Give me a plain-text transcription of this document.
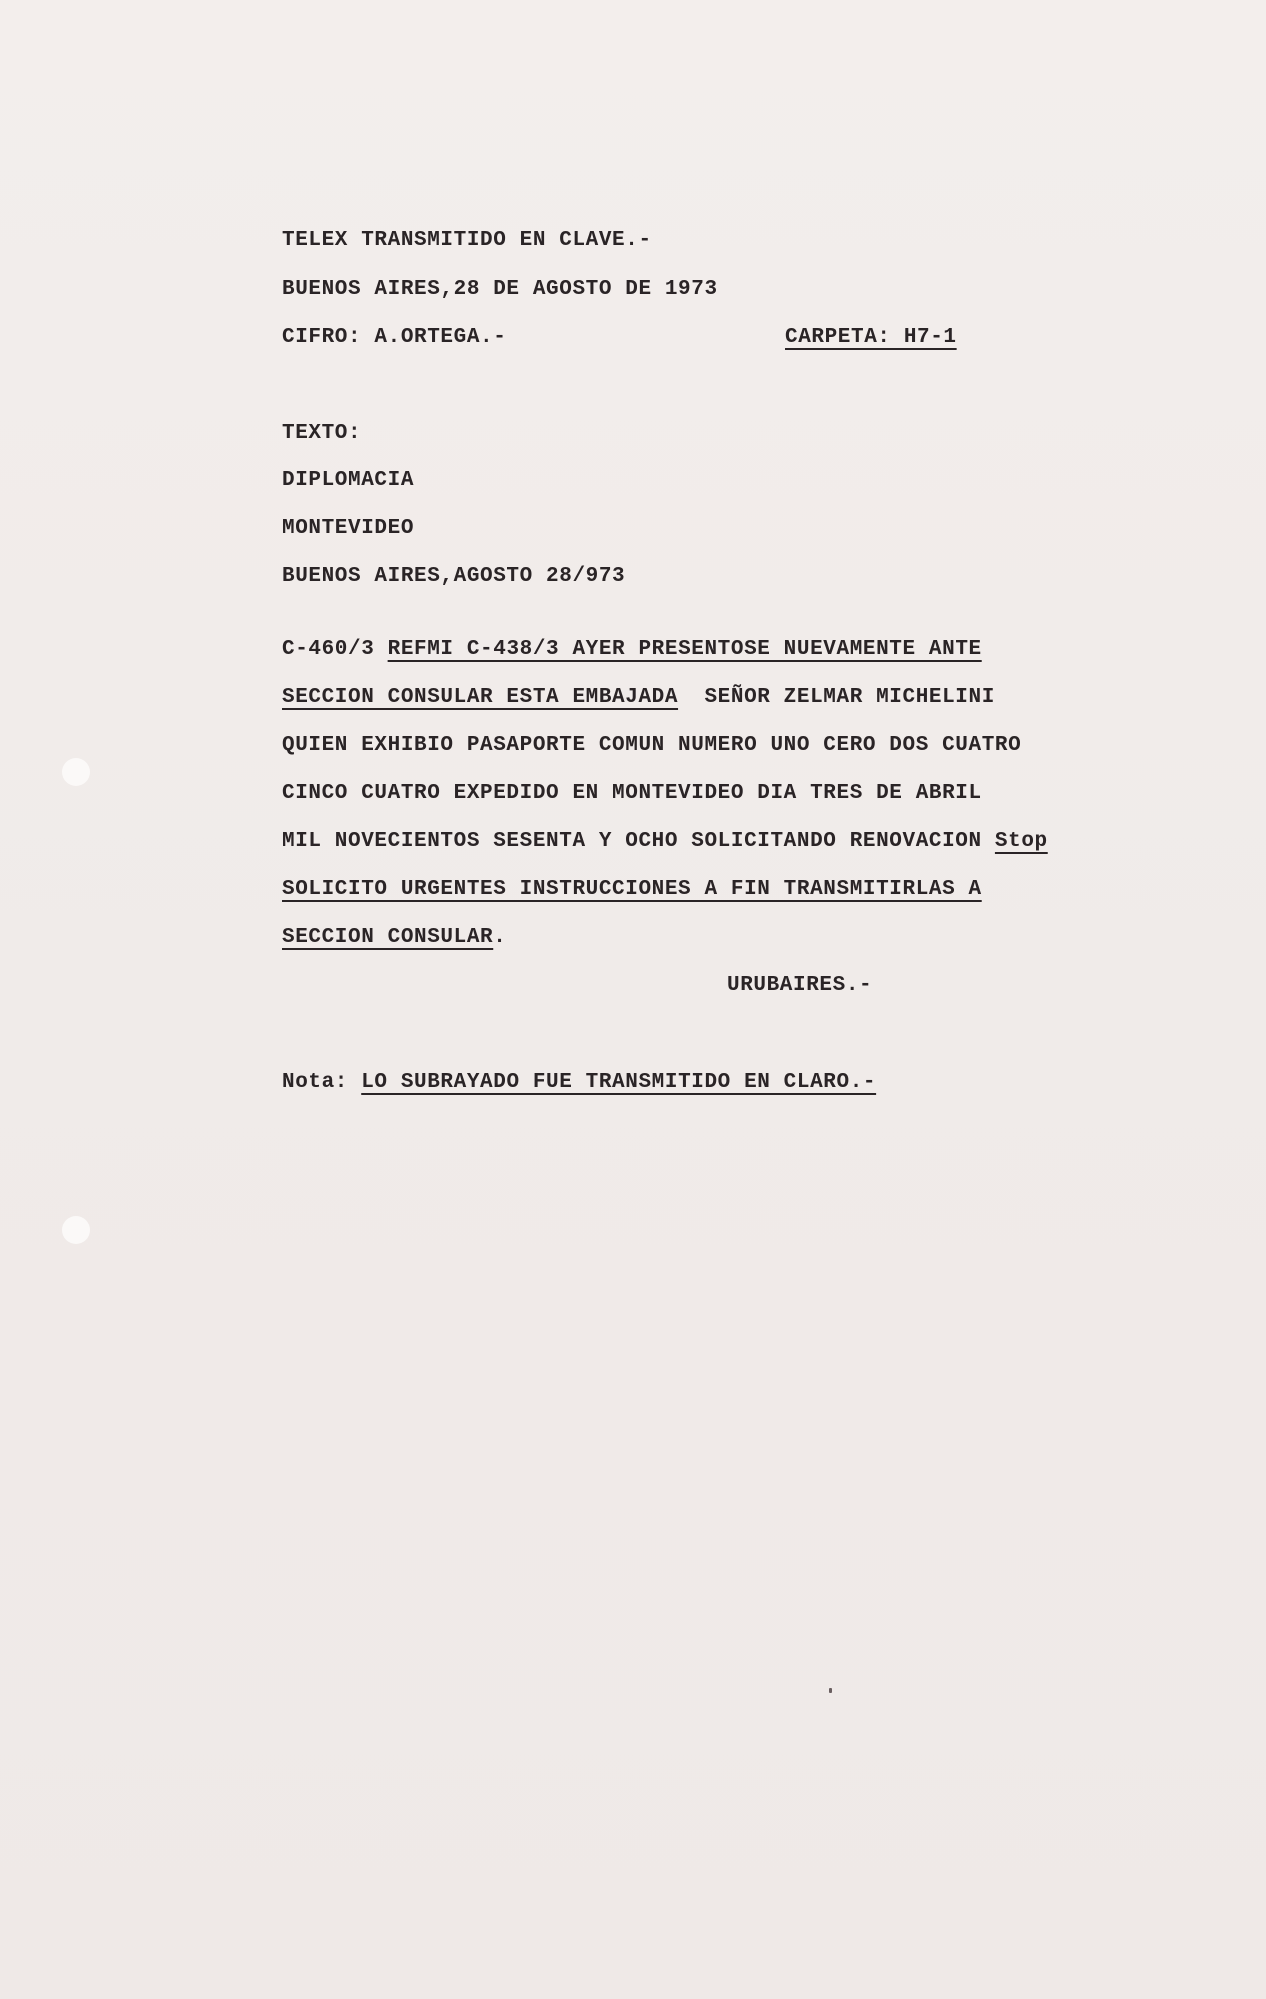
TELEX TRANSMITIDO EN CLAVE.-
BUENOS AIRES,28 DE AGOSTO DE 1973
CIFRO: A.ORTEGA.-	CARPETA: H7-1
TEXTO:
DIPLOMACIA
MONTEVIDEO
BUENOS AIRES,AGOSTO 28/973
C-460/3 REFMI C-438/3 AYER PRESENTOSE NUEVAMENTE ANTE
SECCION CONSULAR ESTA EMBAJADA  SEÑOR ZELMAR MICHELINI
QUIEN EXHIBIO PASAPORTE COMUN NUMERO UNO CERO DOS CUATRO
CINCO CUATRO EXPEDIDO EN MONTEVIDEO DIA TRES DE ABRIL
MIL NOVECIENTOS SESENTA Y OCHO SOLICITANDO RENOVACION Stop
SOLICITO URGENTES INSTRUCCIONES A FIN TRANSMITIRLAS A
SECCION CONSULAR.
URUBAIRES.-
Nota: LO SUBRAYADO FUE TRANSMITIDO EN CLARO.-
